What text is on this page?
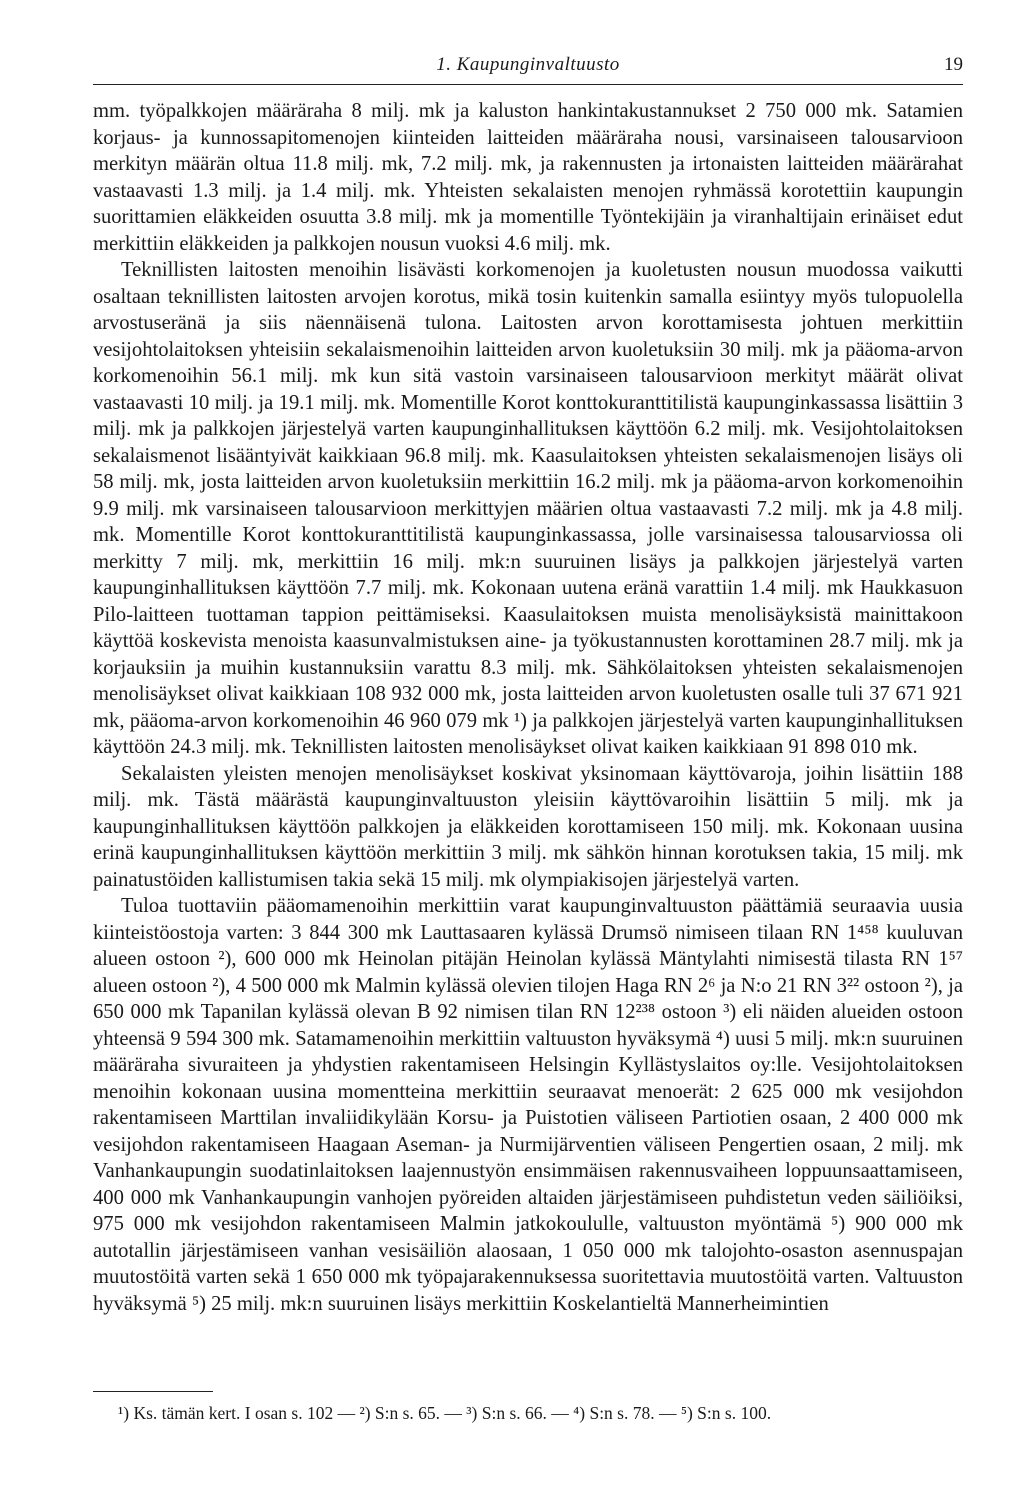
1. Kaupunginvaltuusto	19

mm. työpalkkojen määräraha 8 milj. mk ja kaluston hankintakustannukset 2 750 000 mk. Satamien korjaus- ja kunnossapitomenojen kiinteiden laitteiden määräraha nousi, varsinaiseen talousarvioon merkityn määrän oltua 11.8 milj. mk, 7.2 milj. mk, ja rakennusten ja irtonaisten laitteiden määrärahat vastaavasti 1.3 milj. ja 1.4 milj. mk. Yhteisten sekalaisten menojen ryhmässä korotettiin kaupungin suorittamien eläkkeiden osuutta 3.8 milj. mk ja momentille Työntekijäin ja viranhaltijain erinäiset edut merkittiin eläkkeiden ja palkkojen nousun vuoksi 4.6 milj. mk.

Teknillisten laitosten menoihin lisävästi korkomenojen ja kuoletusten nousun muodossa vaikutti osaltaan teknillisten laitosten arvojen korotus, mikä tosin kuitenkin samalla esiintyy myös tulopuolella arvostuseränä ja siis näennäisenä tulona. Laitosten arvon korottamisesta johtuen merkittiin vesijohtolaitoksen yhteisiin sekalaismenoihin laitteiden arvon kuoletuksiin 30 milj. mk ja pääoma-arvon korkomenoihin 56.1 milj. mk kun sitä vastoin varsinaiseen talousarvioon merkityt määrät olivat vastaavasti 10 milj. ja 19.1 milj. mk. Momentille Korot konttokuranttitilistä kaupunginkassassa lisättiin 3 milj. mk ja palkkojen järjestelyä varten kaupunginhallituksen käyttöön 6.2 milj. mk. Vesijohtolaitoksen sekalaismenot lisääntyivät kaikkiaan 96.8 milj. mk. Kaasulaitoksen yhteisten sekalaismenojen lisäys oli 58 milj. mk, josta laitteiden arvon kuoletuksiin merkittiin 16.2 milj. mk ja pääoma-arvon korkomenoihin 9.9 milj. mk varsinaiseen talousarvioon merkittyjen määrien oltua vastaavasti 7.2 milj. mk ja 4.8 milj. mk. Momentille Korot konttokuranttitilistä kaupunginkassassa, jolle varsinaisessa talousarviossa oli merkitty 7 milj. mk, merkittiin 16 milj. mk:n suuruinen lisäys ja palkkojen järjestelyä varten kaupunginhallituksen käyttöön 7.7 milj. mk. Kokonaan uutena eränä varattiin 1.4 milj. mk Haukkasuon Pilo-laitteen tuottaman tappion peittämiseksi. Kaasulaitoksen muista menolisäyksistä mainittakoon käyttöä koskevista menoista kaasunvalmistuksen aine- ja työkustannusten korottaminen 28.7 milj. mk ja korjauksiin ja muihin kustannuksiin varattu 8.3 milj. mk. Sähkölaitoksen yhteisten sekalaismenojen menolisäykset olivat kaikkiaan 108 932 000 mk, josta laitteiden arvon kuoletusten osalle tuli 37 671 921 mk, pääoma-arvon korkomenoihin 46 960 079 mk ¹) ja palkkojen järjestelyä varten kaupunginhallituksen käyttöön 24.3 milj. mk. Teknillisten laitosten menolisäykset olivat kaiken kaikkiaan 91 898 010 mk.

Sekalaisten yleisten menojen menolisäykset koskivat yksinomaan käyttövaroja, joihin lisättiin 188 milj. mk. Tästä määrästä kaupunginvaltuuston yleisiin käyttövaroihin lisättiin 5 milj. mk ja kaupunginhallituksen käyttöön palkkojen ja eläkkeiden korottamiseen 150 milj. mk. Kokonaan uusina erinä kaupunginhallituksen käyttöön merkittiin 3 milj. mk sähkön hinnan korotuksen takia, 15 milj. mk painatustöiden kallistumisen takia sekä 15 milj. mk olympiakisojen järjestelyä varten.

Tuloa tuottaviin pääomamenoihin merkittiin varat kaupunginvaltuuston päättämiä seuraavia uusia kiinteistöostoja varten: 3 844 300 mk Lauttasaaren kylässä Drumsö nimiseen tilaan RN 1⁴⁵⁸ kuuluvan alueen ostoon ²), 600 000 mk Heinolan pitäjän Heinolan kylässä Mäntylahti nimisestä tilasta RN 1⁵⁷ alueen ostoon ²), 4 500 000 mk Malmin kylässä olevien tilojen Haga RN 2⁶ ja N:o 21 RN 3²² ostoon ²), ja 650 000 mk Tapanilan kylässä olevan B 92 nimisen tilan RN 12²³⁸ ostoon ³) eli näiden alueiden ostoon yhteensä 9 594 300 mk. Satamamenoihin merkittiin valtuuston hyväksymä ⁴) uusi 5 milj. mk:n suuruinen määräraha sivuraiteen ja yhdystien rakentamiseen Helsingin Kyllästyslaitos oy:lle. Vesijohtolaitoksen menoihin kokonaan uusina momentteina merkittiin seuraavat menoerät: 2 625 000 mk vesijohdon rakentamiseen Marttilan invaliidikylään Korsu- ja Puistotien väliseen Partiotien osaan, 2 400 000 mk vesijohdon rakentamiseen Haagaan Aseman- ja Nurmijärventien väliseen Pengertien osaan, 2 milj. mk Vanhankaupungin suodatinlaitoksen laajennustyön ensimmäisen rakennusvaiheen loppuunsaattamiseen, 400 000 mk Vanhankaupungin vanhojen pyöreiden altaiden järjestämiseen puhdistetun veden säiliöiksi, 975 000 mk vesijohdon rakentamiseen Malmin jatkokoululle, valtuuston myöntämä ⁵) 900 000 mk autotallin järjestämiseen vanhan vesisäiliön alaosaan, 1 050 000 mk talojohto-osaston asennuspajan muutostöitä varten sekä 1 650 000 mk työpajarakennuksessa suoritettavia muutostöitä varten. Valtuuston hyväksymä ⁵) 25 milj. mk:n suuruinen lisäys merkittiin Koskelantieltä Mannerheimintien

¹) Ks. tämän kert. I osan s. 102 — ²) S:n s. 65. — ³) S:n s. 66. — ⁴) S:n s. 78. — ⁵) S:n s. 100.
